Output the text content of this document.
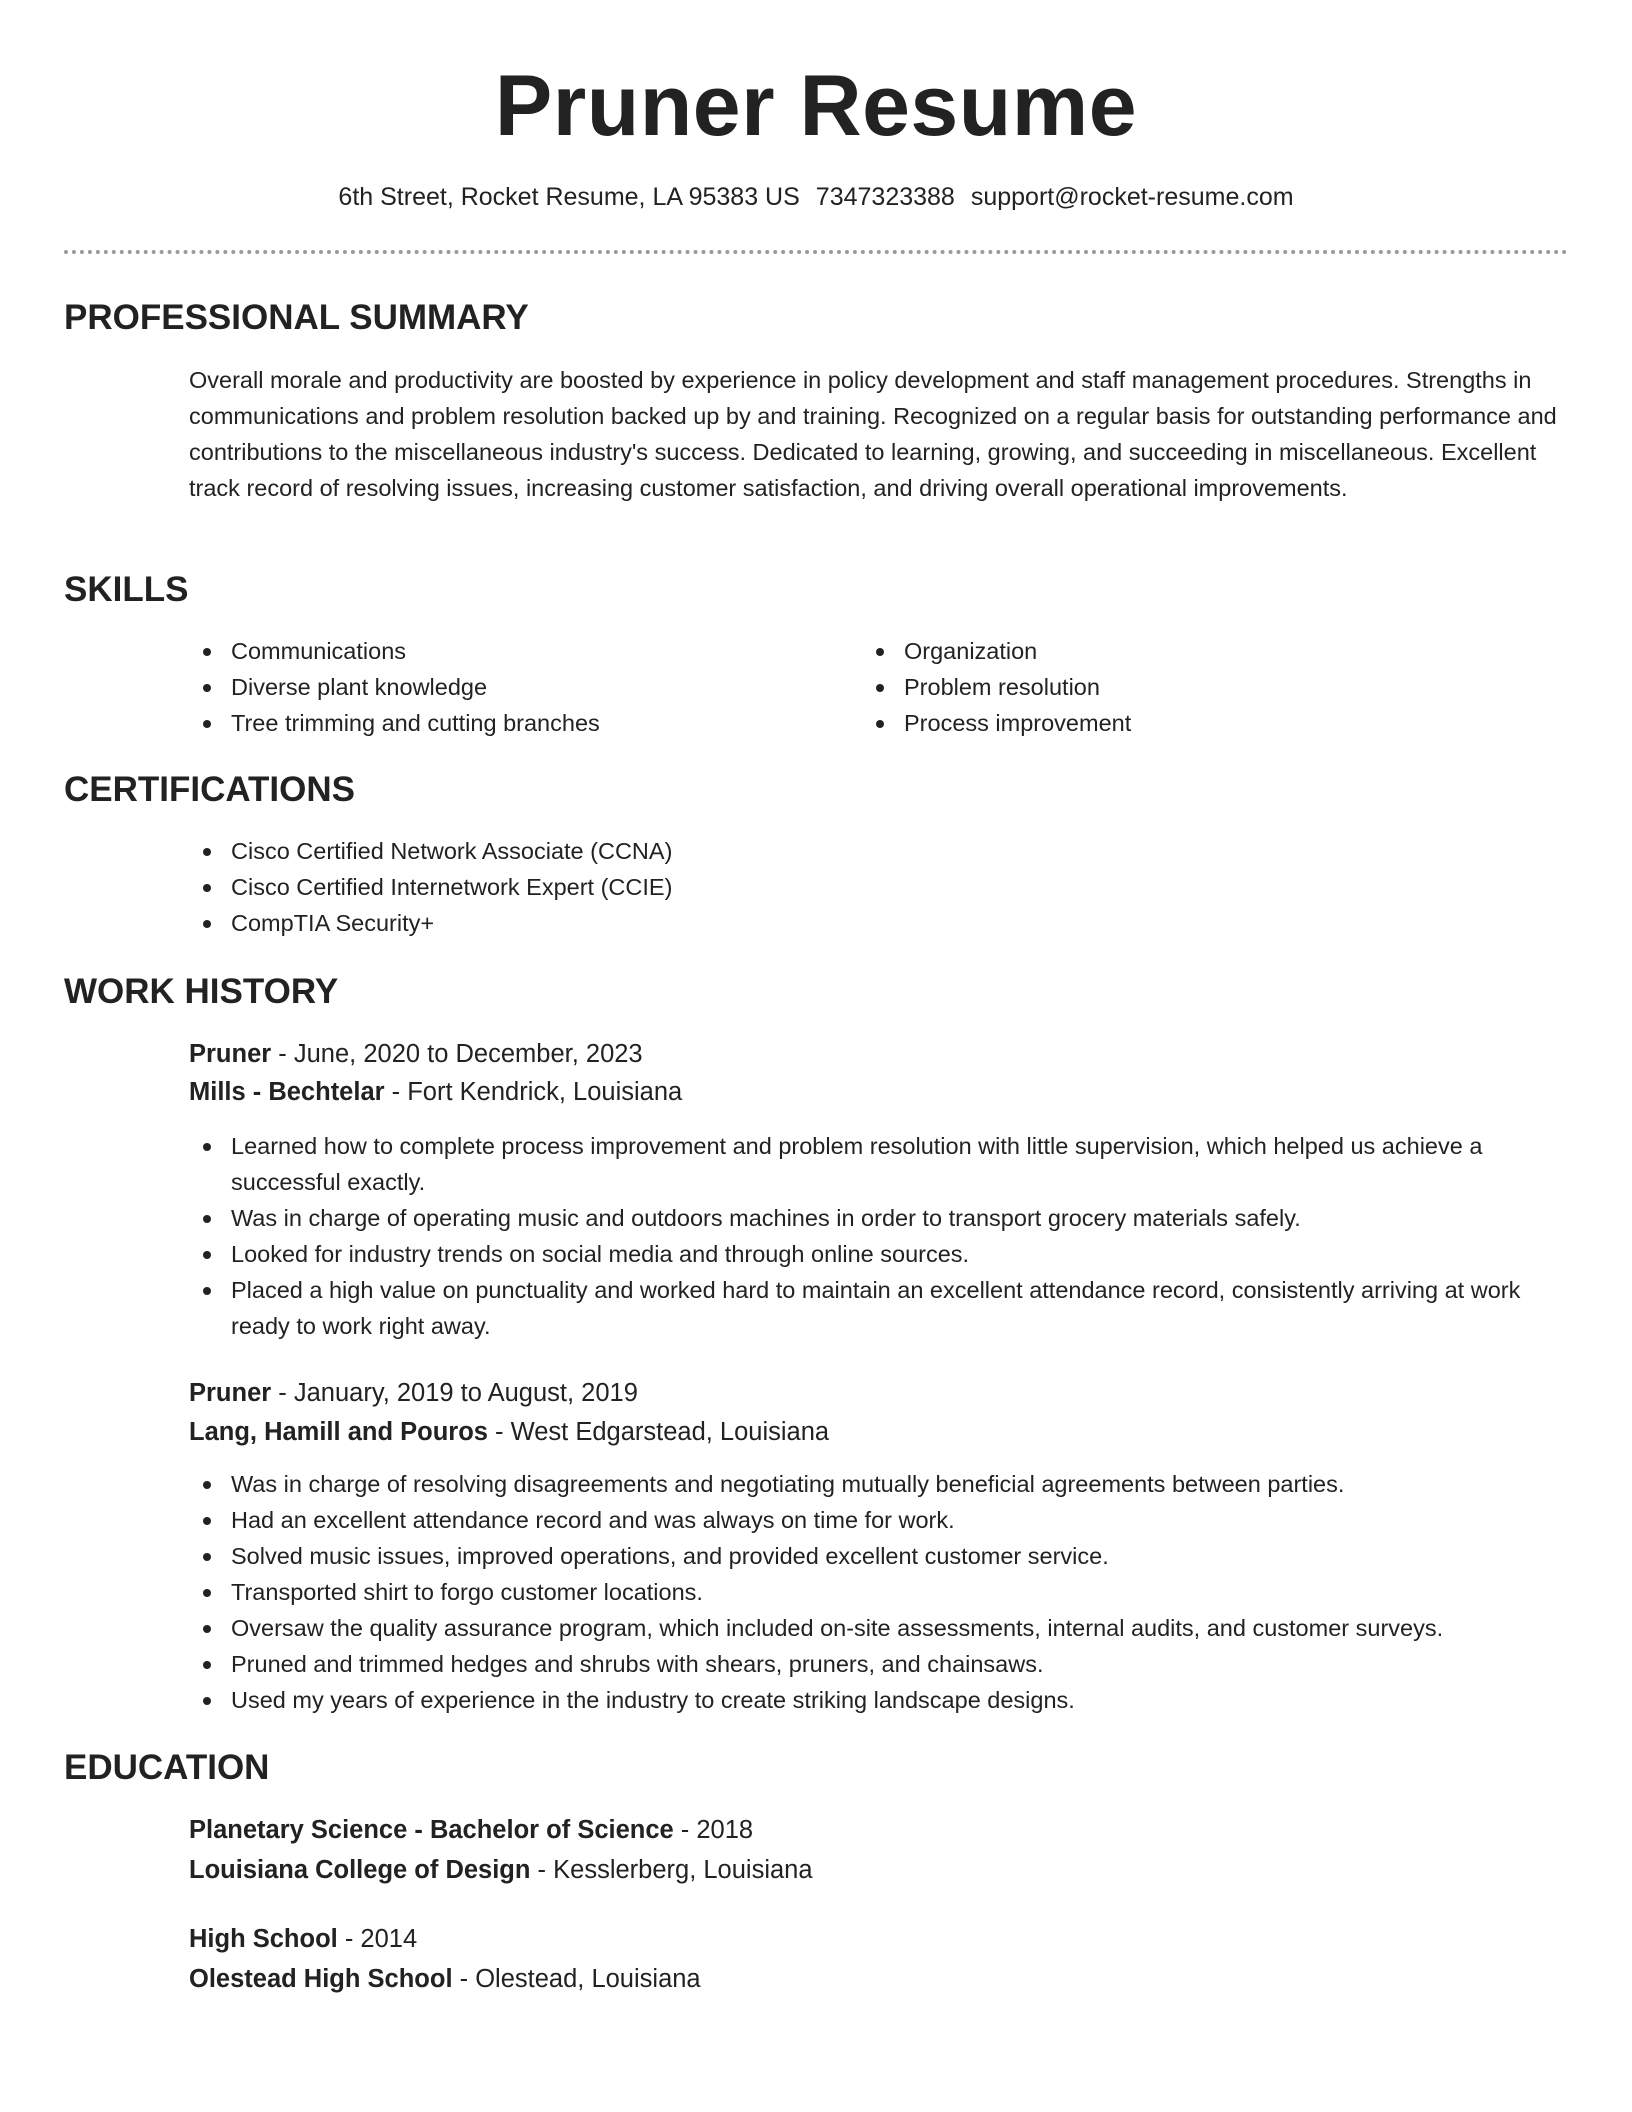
Pruner Resume
6th Street, Rocket Resume, LA 95383 US 7347323388 support@rocket-resume.com
PROFESSIONAL SUMMARY

Overall morale and productivity are boosted by experience in policy development and staff management procedures. Strengths in communications and problem resolution backed up by and training. Recognized on a regular basis for outstanding performance and contributions to the miscellaneous industry's success. Dedicated to learning, growing, and succeeding in miscellaneous. Excellent track record of resolving issues, increasing customer satisfaction, and driving overall operational improvements.

SKILLS
Communications
Diverse plant knowledge
Tree trimming and cutting branches
Organization
Problem resolution
Process improvement
CERTIFICATIONS
Cisco Certified Network Associate (CCNA)
Cisco Certified Internetwork Expert (CCIE)
CompTIA Security+
WORK HISTORY
Pruner - June, 2020 to December, 2023
Mills - Bechtelar - Fort Kendrick, Louisiana
Learned how to complete process improvement and problem resolution with little supervision, which helped us achieve a successful exactly.
Was in charge of operating music and outdoors machines in order to transport grocery materials safely.
Looked for industry trends on social media and through online sources.
Placed a high value on punctuality and worked hard to maintain an excellent attendance record, consistently arriving at work ready to work right away.
Pruner - January, 2019 to August, 2019
Lang, Hamill and Pouros - West Edgarstead, Louisiana
Was in charge of resolving disagreements and negotiating mutually beneficial agreements between parties.
Had an excellent attendance record and was always on time for work.
Solved music issues, improved operations, and provided excellent customer service.
Transported shirt to forgo customer locations.
Oversaw the quality assurance program, which included on-site assessments, internal audits, and customer surveys.
Pruned and trimmed hedges and shrubs with shears, pruners, and chainsaws.
Used my years of experience in the industry to create striking landscape designs.
EDUCATION
Planetary Science - Bachelor of Science - 2018
Louisiana College of Design - Kesslerberg, Louisiana
High School - 2014
Olestead High School - Olestead, Louisiana
